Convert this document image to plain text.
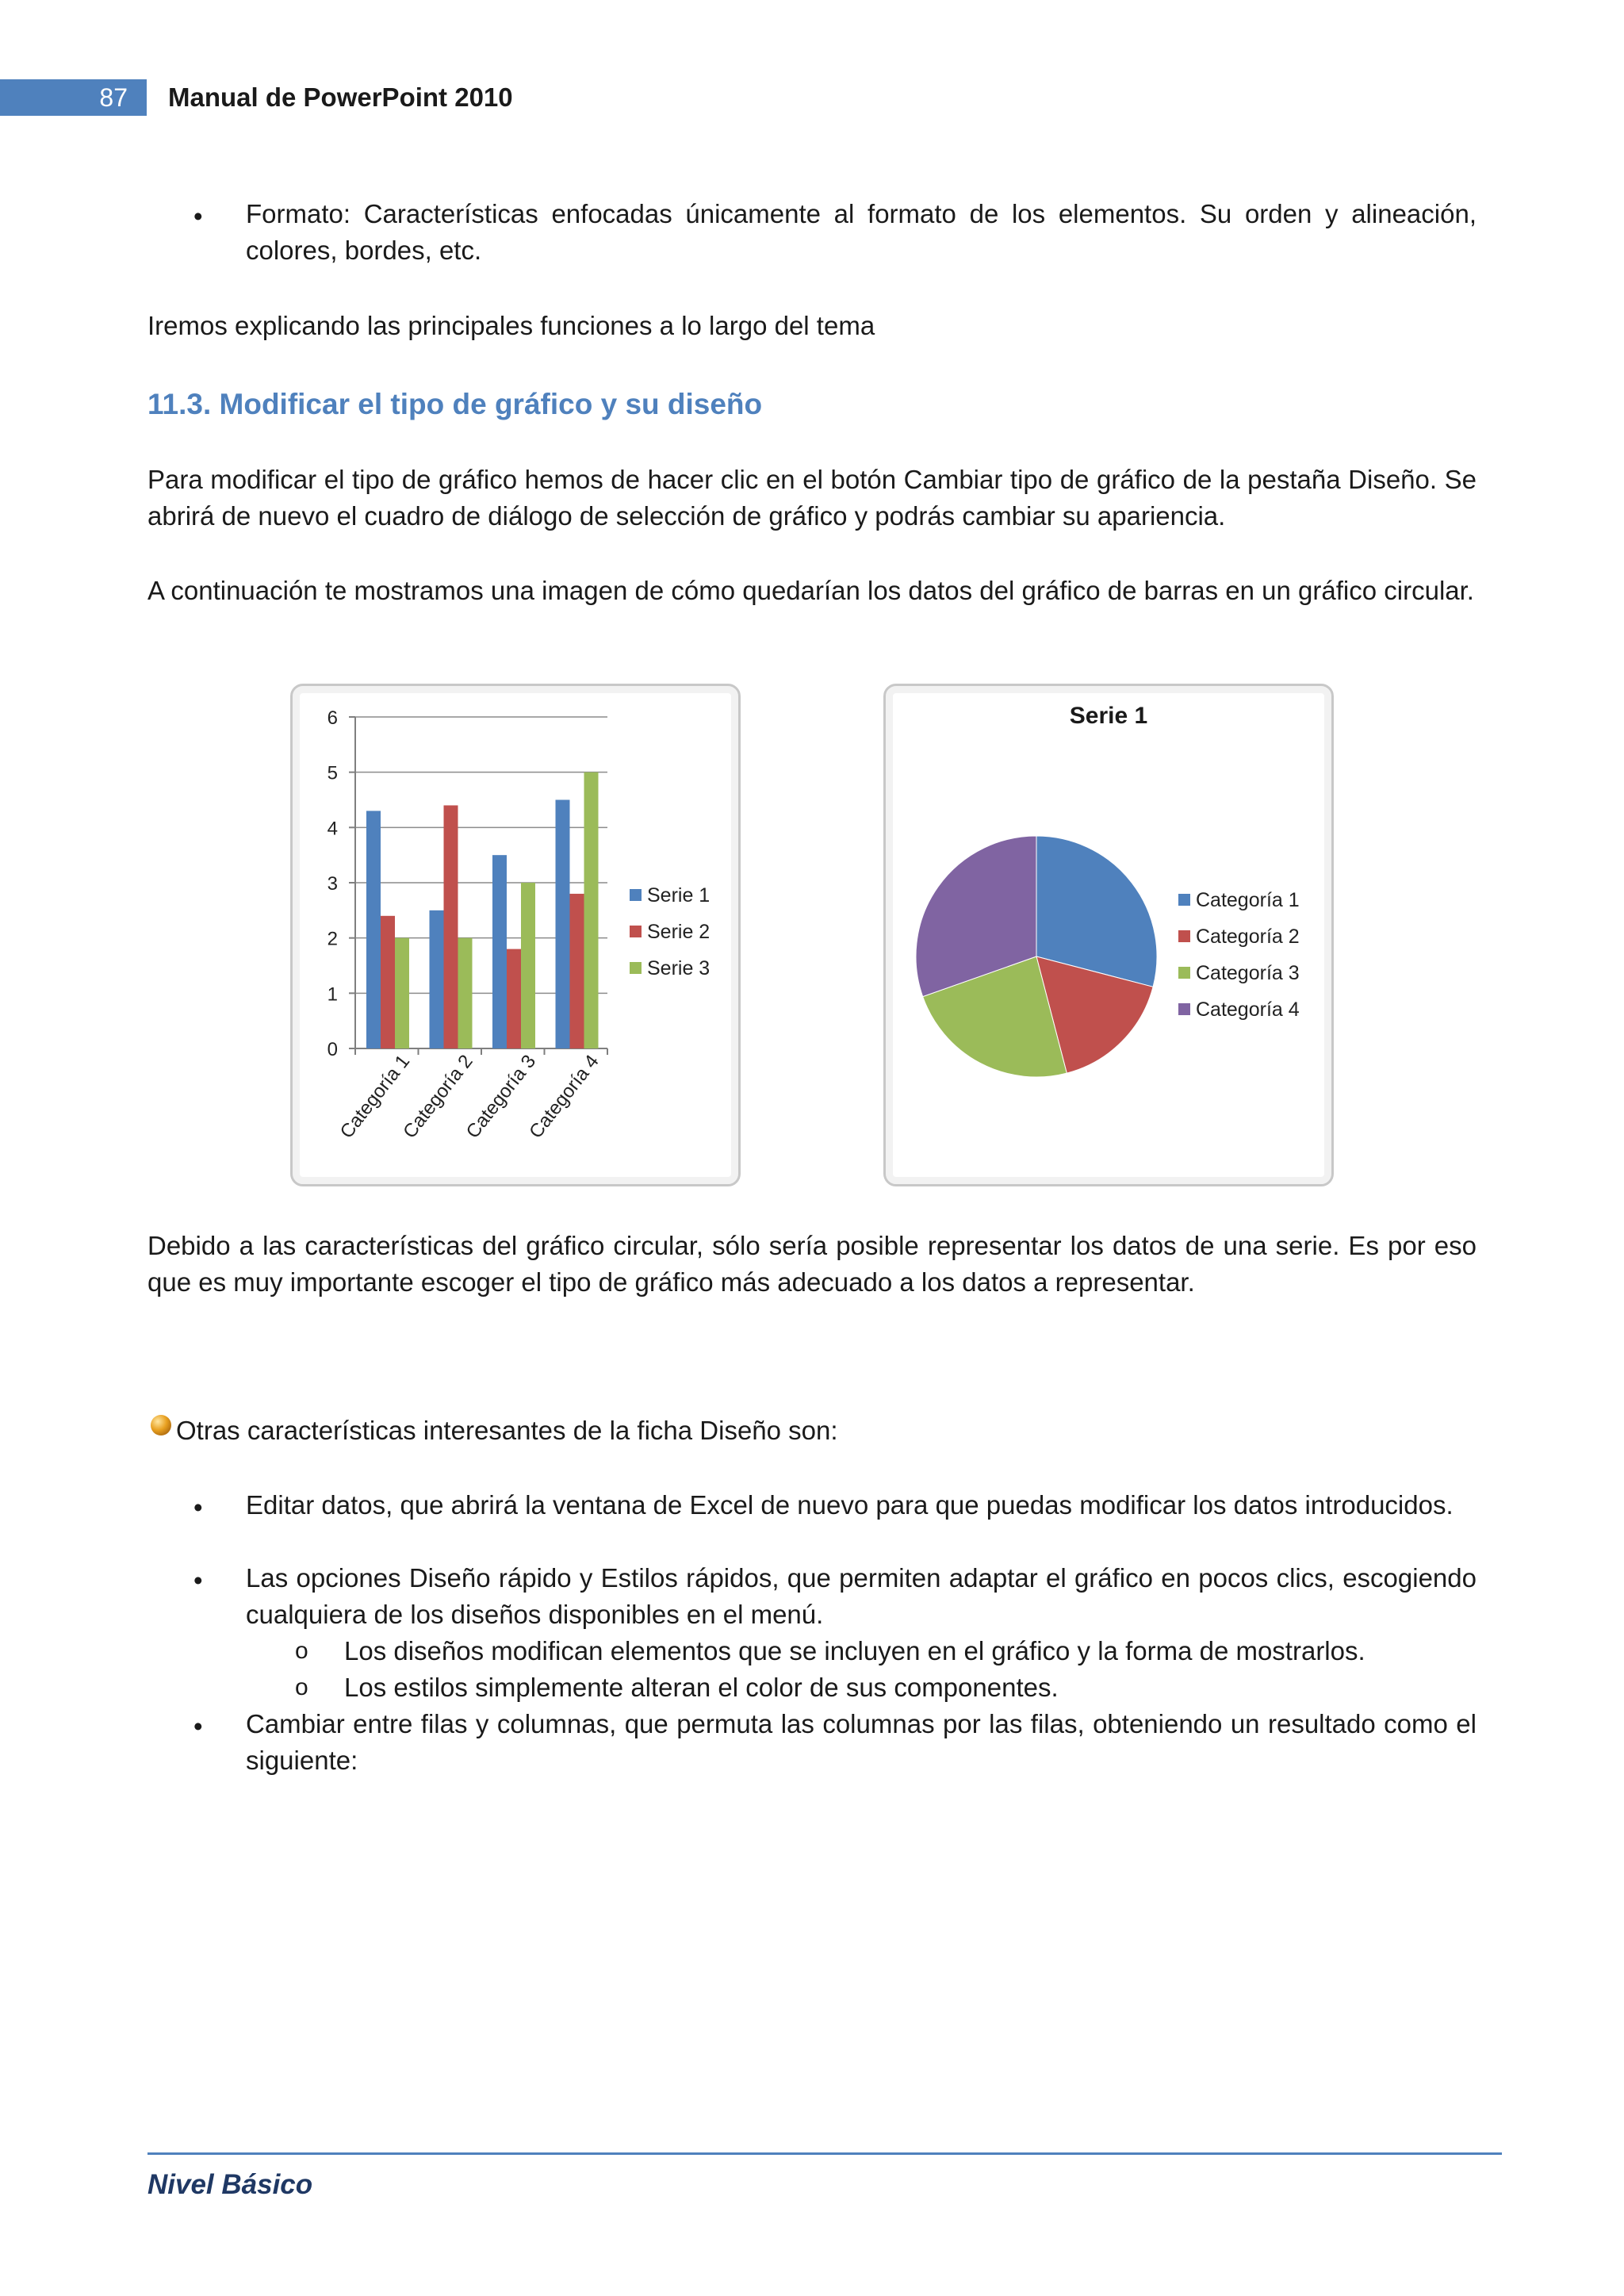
87	Manual de PowerPoint 2010
• Formato: Características enfocadas únicamente al formato de los elementos. Su orden y alineación, colores, bordes, etc.
Iremos explicando las principales funciones a lo largo del tema
11.3. Modificar el tipo de gráfico y su diseño
Para modificar el tipo de gráfico hemos de hacer clic en el botón Cambiar tipo de gráfico de la pestaña Diseño. Se abrirá de nuevo el cuadro de diálogo de selección de gráfico y podrás cambiar su apariencia.
A continuación te mostramos una imagen de cómo quedarían los datos del gráfico de barras en un gráfico circular.
0
1
2
3
4
5
6
Categoría 1
Categoría 2
Categoría 3
Categoría 4
Serie 1
Serie 2
Serie 3
Serie 1
Categoría 1
Categoría 2
Categoría 3
Categoría 4
Debido a las características del gráfico circular, sólo sería posible representar los datos de una serie. Es por eso que es muy importante escoger el tipo de gráfico más adecuado a los datos a representar.
Otras características interesantes de la ficha Diseño son:
• Editar datos, que abrirá la ventana de Excel de nuevo para que puedas modificar los datos introducidos.
• Las opciones Diseño rápido y Estilos rápidos, que permiten adaptar el gráfico en pocos clics, escogiendo cualquiera de los diseños disponibles en el menú.
o Los diseños modifican elementos que se incluyen en el gráfico y la forma de mostrarlos.
o Los estilos simplemente alteran el color de sus componentes.
• Cambiar entre filas y columnas, que permuta las columnas por las filas, obteniendo un resultado como el siguiente:
Nivel Básico
